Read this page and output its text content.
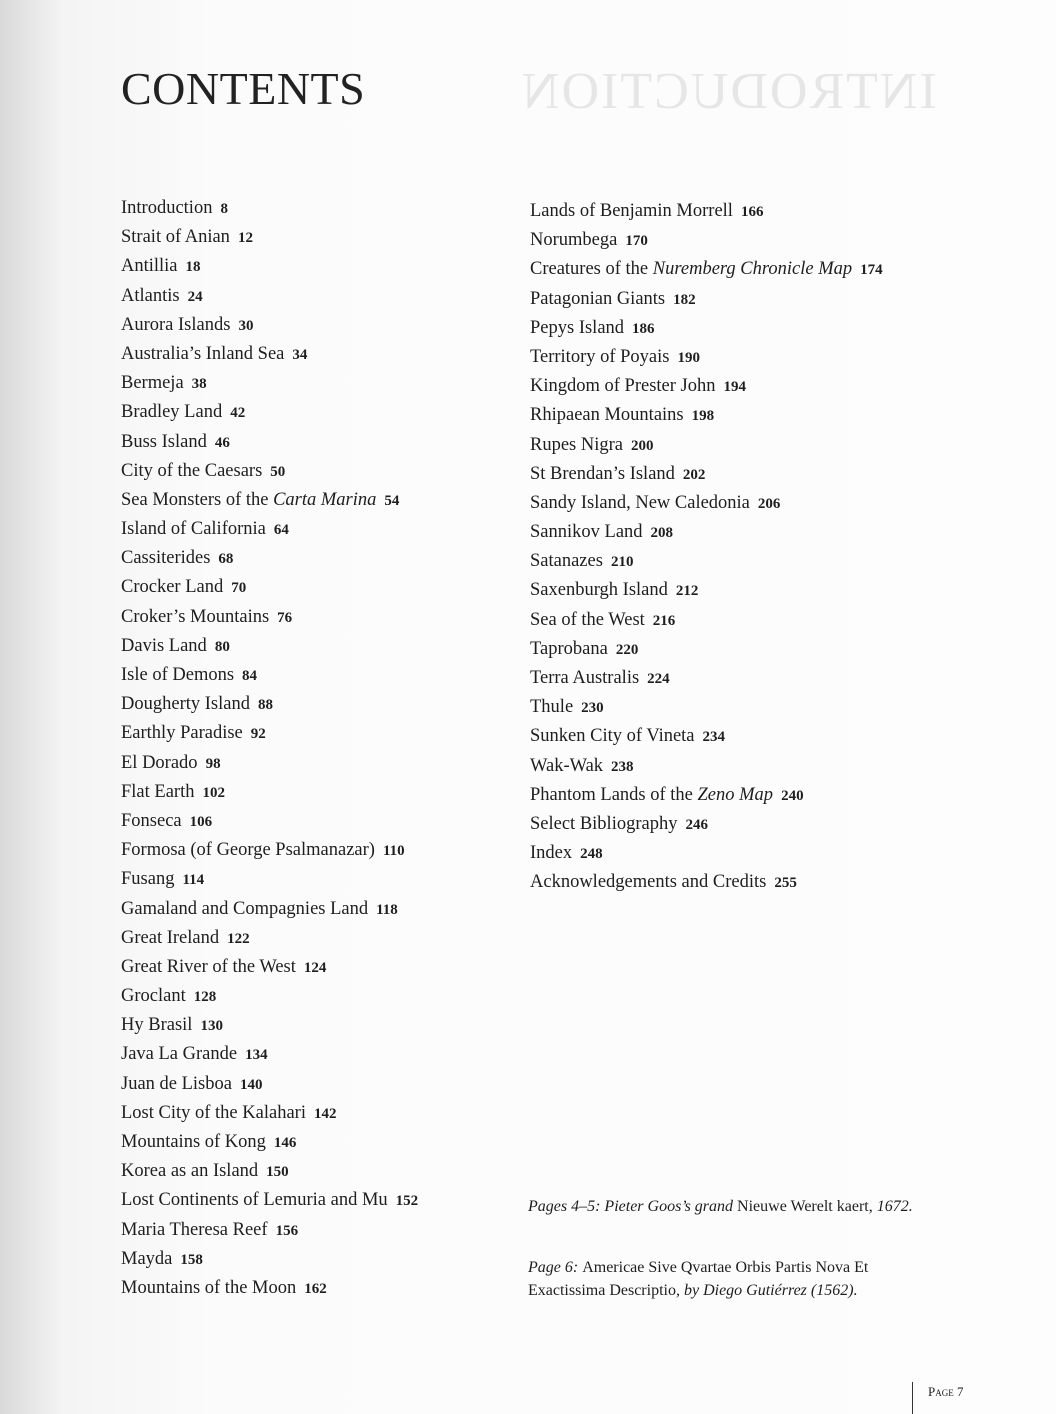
INTRODUCTION
CONTENTS
Introduction 8
Strait of Anian 12
Antillia 18
Atlantis 24
Aurora Islands 30
Australia’s Inland Sea 34
Bermeja 38
Bradley Land 42
Buss Island 46
City of the Caesars 50
Sea Monsters of the Carta Marina 54
Island of California 64
Cassiterides 68
Crocker Land 70
Croker’s Mountains 76
Davis Land 80
Isle of Demons 84
Dougherty Island 88
Earthly Paradise 92
El Dorado 98
Flat Earth 102
Fonseca 106
Formosa (of George Psalmanazar) 110
Fusang 114
Gamaland and Compagnies Land 118
Great Ireland 122
Great River of the West 124
Groclant 128
Hy Brasil 130
Java La Grande 134
Juan de Lisboa 140
Lost City of the Kalahari 142
Mountains of Kong 146
Korea as an Island 150
Lost Continents of Lemuria and Mu 152
Maria Theresa Reef 156
Mayda 158
Mountains of the Moon 162
Lands of Benjamin Morrell 166
Norumbega 170
Creatures of the Nuremberg Chronicle Map 174
Patagonian Giants 182
Pepys Island 186
Territory of Poyais 190
Kingdom of Prester John 194
Rhipaean Mountains 198
Rupes Nigra 200
St Brendan’s Island 202
Sandy Island, New Caledonia 206
Sannikov Land 208
Satanazes 210
Saxenburgh Island 212
Sea of the West 216
Taprobana 220
Terra Australis 224
Thule 230
Sunken City of Vineta 234
Wak-Wak 238
Phantom Lands of the Zeno Map 240
Select Bibliography 246
Index 248
Acknowledgements and Credits 255
Pages 4–5: Pieter Goos’s grand Nieuwe Werelt kaert, 1672.
Page 6: Americae Sive Qvartae Orbis Partis Nova Et Exactissima Descriptio, by Diego Gutiérrez (1562).
Page 7
